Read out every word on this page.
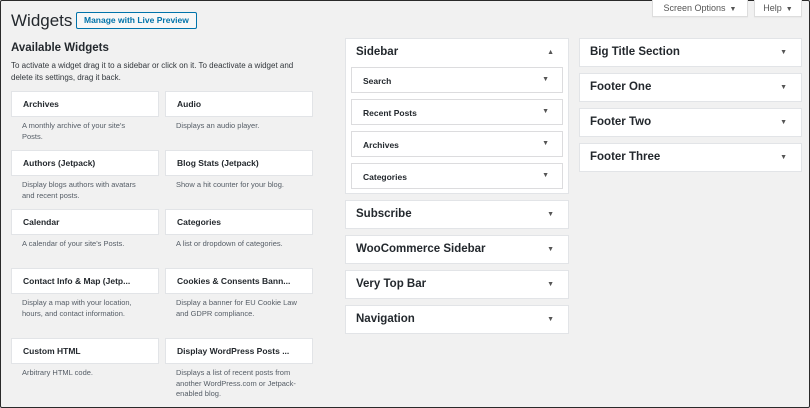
Screen Options ▼	Help ▼
Widgets	Manage with Live Preview
Available Widgets

To activate a widget drag it to a sidebar or click on it. To deactivate a widget and delete its settings, drag it back.

Archives
A monthly archive of your site's Posts.
Audio
Displays an audio player.
Authors (Jetpack)
Display blogs authors with avatars and recent posts.
Blog Stats (Jetpack)
Show a hit counter for your blog.
Calendar
A calendar of your site's Posts.
Categories
A list or dropdown of categories.
Contact Info & Map (Jetp...
Display a map with your location, hours, and contact information.
Cookies & Consents Bann...
Display a banner for EU Cookie Law and GDPR compliance.
Custom HTML
Arbitrary HTML code.
Display WordPress Posts ...
Displays a list of recent posts from another WordPress.com or Jetpack-enabled blog.
Sidebar	▲
Search	▼
Recent Posts	▼
Archives	▼
Categories	▼
Subscribe	▼
WooCommerce Sidebar	▼
Very Top Bar	▼
Navigation	▼
Big Title Section	▼
Footer One	▼
Footer Two	▼
Footer Three	▼
